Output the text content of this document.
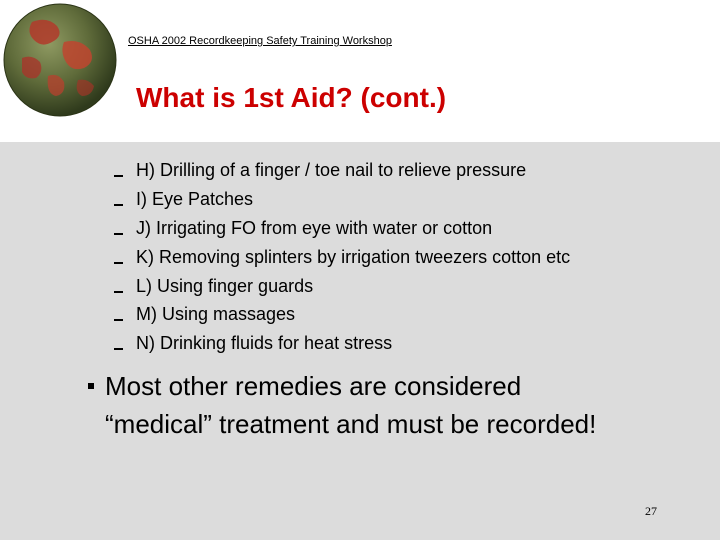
OSHA 2002 Recordkeeping Safety Training Workshop
What is 1st Aid? (cont.)
H) Drilling of a finger / toe nail to relieve pressure
I) Eye Patches
J) Irrigating FO from eye with water or cotton
K) Removing splinters by irrigation tweezers cotton etc
L) Using finger guards
M) Using massages
N) Drinking fluids for heat stress
Most other remedies are considered
“medical” treatment and must be recorded!
27
